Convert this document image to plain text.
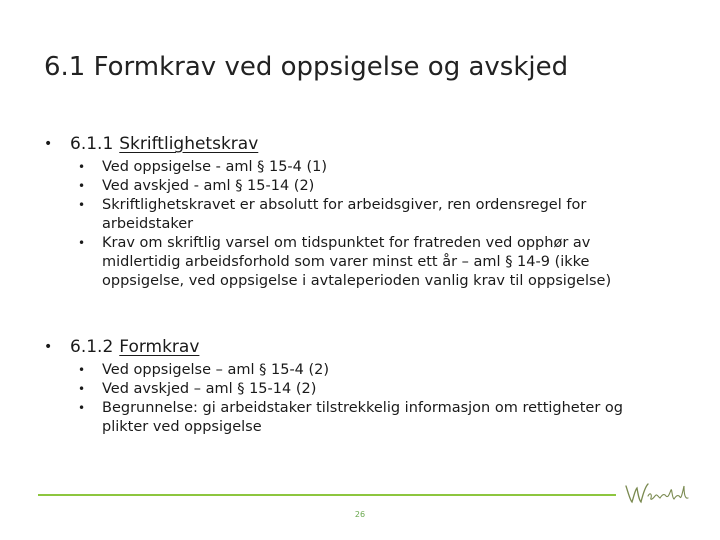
6.1 Formkrav ved oppsigelse og avskjed
• 6.1.1 Skriftlighetskrav
• Ved oppsigelse - aml § 15-4 (1)
• Ved avskjed - aml § 15-14 (2)
• Skriftlighetskravet er absolutt for arbeidsgiver, ren ordensregel for arbeidstaker
• Krav om skriftlig varsel om tidspunktet for fratreden ved opphør av midlertidig arbeidsforhold som varer minst ett år – aml § 14-9 (ikke oppsigelse, ved oppsigelse i avtaleperioden vanlig krav til oppsigelse)
• 6.1.2 Formkrav
• Ved oppsigelse – aml § 15-4 (2)
• Ved avskjed – aml § 15-14 (2)
• Begrunnelse: gi arbeidstaker tilstrekkelig informasjon om rettigheter og plikter ved oppsigelse
26
